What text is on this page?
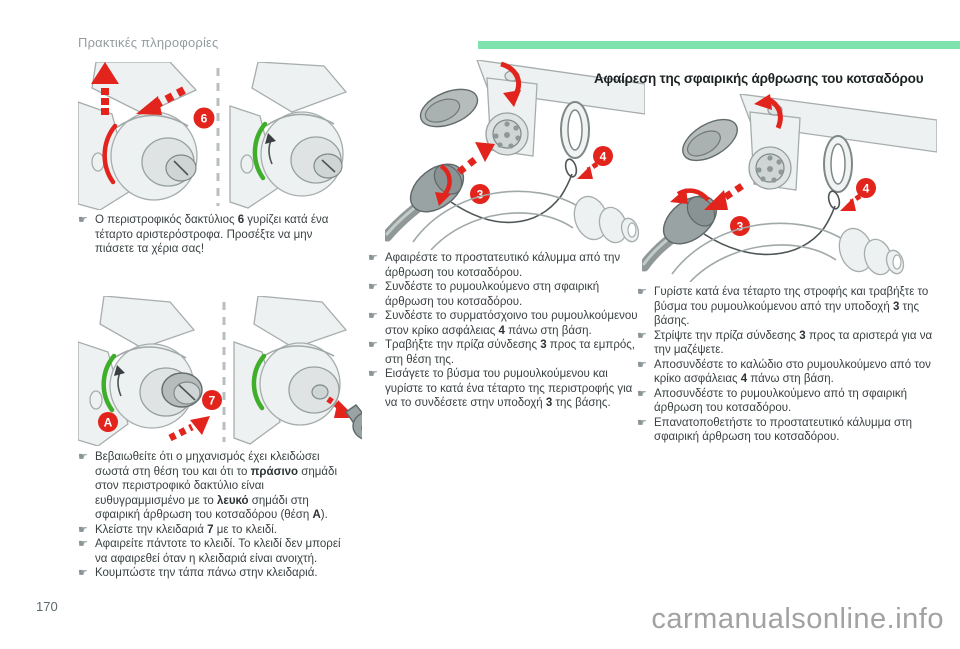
Πρακτικές πληροφορίες
6
☛ Ο περιστροφικός δακτύλιος 6 γυρίζει κατά ένα τέταρτο αριστερόστροφα. Προσέξτε να μην πιάσετε τα χέρια σας!

A
7
☛ Βεβαιωθείτε ότι ο μηχανισμός έχει κλειδώσει σωστά στη θέση του και ότι το πράσινο σημάδι στον περιστροφικό δακτύλιο είναι ευθυγραμμισμένο με το λευκό σημάδι στη σφαιρική άρθρωση του κοτσαδόρου (θέση A).

☛ Κλείστε την κλειδαριά 7 με το κλειδί.

☛ Αφαιρείτε πάντοτε το κλειδί. Το κλειδί δεν μπορεί να αφαιρεθεί όταν η κλειδαριά είναι ανοιχτή.

☛ Κουμπώστε την τάπα πάνω στην κλειδαριά.

3
4
☛ Αφαιρέστε το προστατευτικό κάλυμμα από την άρθρωση του κοτσαδόρου.

☛ Συνδέστε το ρυμουλκούμενο στη σφαιρική άρθρωση του κοτσαδόρου.

☛ Συνδέστε το συρματόσχοινο του ρυμουλκούμενου στον κρίκο ασφάλειας 4 πάνω στη βάση.

☛ Τραβήξτε την πρίζα σύνδεσης 3 προς τα εμπρός, στη θέση της.

☛ Εισάγετε το βύσμα του ρυμουλκούμενου και γυρίστε το κατά ένα τέταρτο της περιστροφής για να το συνδέσετε στην υποδοχή 3 της βάσης.

Αφαίρεση της σφαιρικής άρθρωσης του κοτσαδόρου
3
4
☛ Γυρίστε κατά ένα τέταρτο της στροφής και τραβήξτε το βύσμα του ρυμουλκούμενου από την υποδοχή 3 της βάσης.

☛ Στρίψτε την πρίζα σύνδεσης 3 προς τα αριστερά για να την μαζέψετε.

☛ Αποσυνδέστε το καλώδιο στο ρυμουλκούμενο από τον κρίκο ασφάλειας 4 πάνω στη βάση.

☛ Αποσυνδέστε το ρυμουλκούμενο από τη σφαιρική άρθρωση του κοτσαδόρου.

☛ Επανατοποθετήστε το προστατευτικό κάλυμμα στη σφαιρική άρθρωση του κοτσαδόρου.

170	carmanualsonline.info
